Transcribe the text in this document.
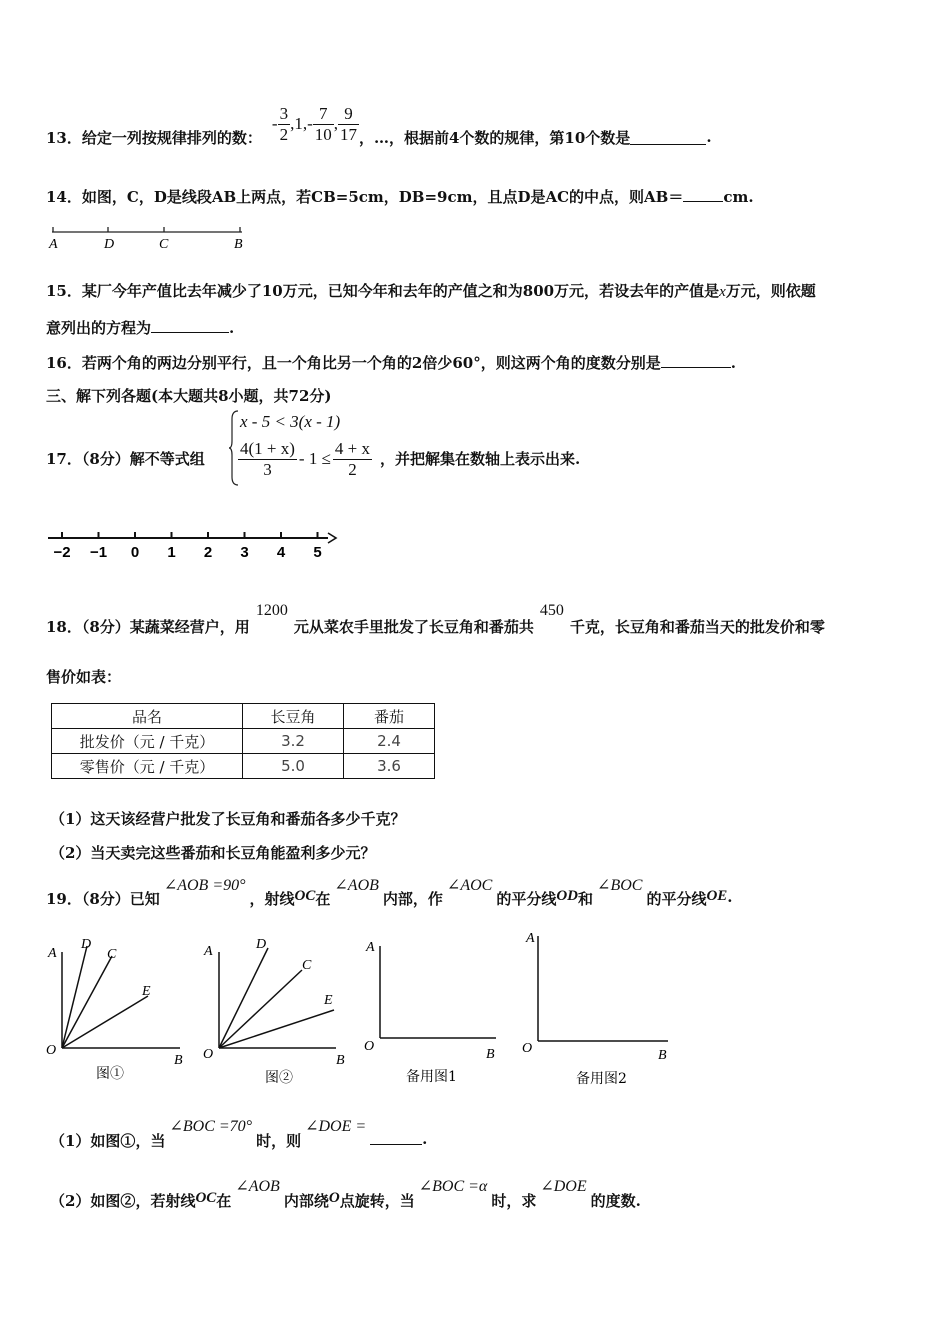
13．给定一列按规律排列的数：
- $\frac{3}{2} ,1,- \frac{7}{10}$ , $\frac{9}{17}$ ，…，根据前4个数的规律，第10个数是	.
14．如图，C，D是线段AB上两点，若CB=5cm，DB=9cm，且点D是AC的中点，则AB＝	cm.
A	D	C	B
15．某厂今年产值比去年减少了10万元，已知今年和去年的产值之和为800万元，若设去年的产值是x万元，则依题
意列出的方程为	.
16．若两个角的两边分别平行，且一个角比另一个角的2倍少60°，则这两个角的度数分别是	.
三、解下列各题(本大题共8小题，共72分)
17．（8分）解不等式组
x - 5 < 3(x - 1)
$\frac{4(1 + x)}{3} - 1 \le \frac{4 + x}{2}$ ，并把解集在数轴上表示出来.
−2 −1 0 1 2 3 4 5
18．（8分）某蔬菜经营户，用
1200
元从菜农手里批发了长豆角和番茄共
450
千克，长豆角和番茄当天的批发价和零
售价如表：
品名	长豆角	番茄
批发价（元 / 千克）	3.2	2.4
零售价（元 / 千克）	5.0	3.6
（1）这天该经营户批发了长豆角和番茄各多少千克？
（2）当天卖完这些番茄和长豆角能盈利多少元？
19．（8分）已知
∠AOB =90°
，射线 OC 在
∠AOB
内部，作
∠AOC
的平分线 OD 和
∠BOC
的平分线 OE .
A
D
C
E
O
B
图①
A	D
C
E
O	B
图②
A
O
B
备用图1
A
O	B
备用图2
（1）如图①，当
∠BOC =70°
时，则
∠DOE =
.
（2）如图②，若射线 OC 在
∠AOB
内部绕 O 点旋转，当
∠BOC =α
时，求
∠DOE
的度数.
